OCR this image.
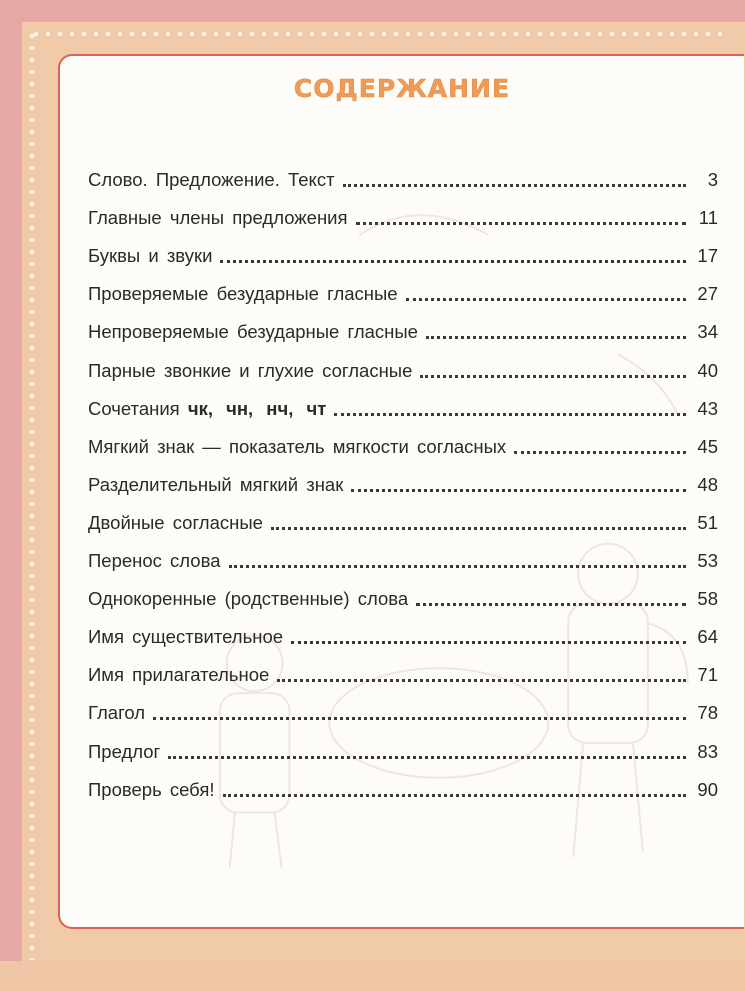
СОДЕРЖАНИЕ
Слово. Предложение. Текст	3
Главные члены предложения	11
Буквы и звуки	17
Проверяемые безударные гласные	27
Непроверяемые безударные гласные	34
Парные звонкие и глухие согласные	40
Сочетания чк, чн, нч, чт	43
Мягкий знак — показатель мягкости согласных	45
Разделительный мягкий знак	48
Двойные согласные	51
Перенос слова	53
Однокоренные (родственные) слова	58
Имя существительное	64
Имя прилагательное	71
Глагол	78
Предлог	83
Проверь себя!	90
